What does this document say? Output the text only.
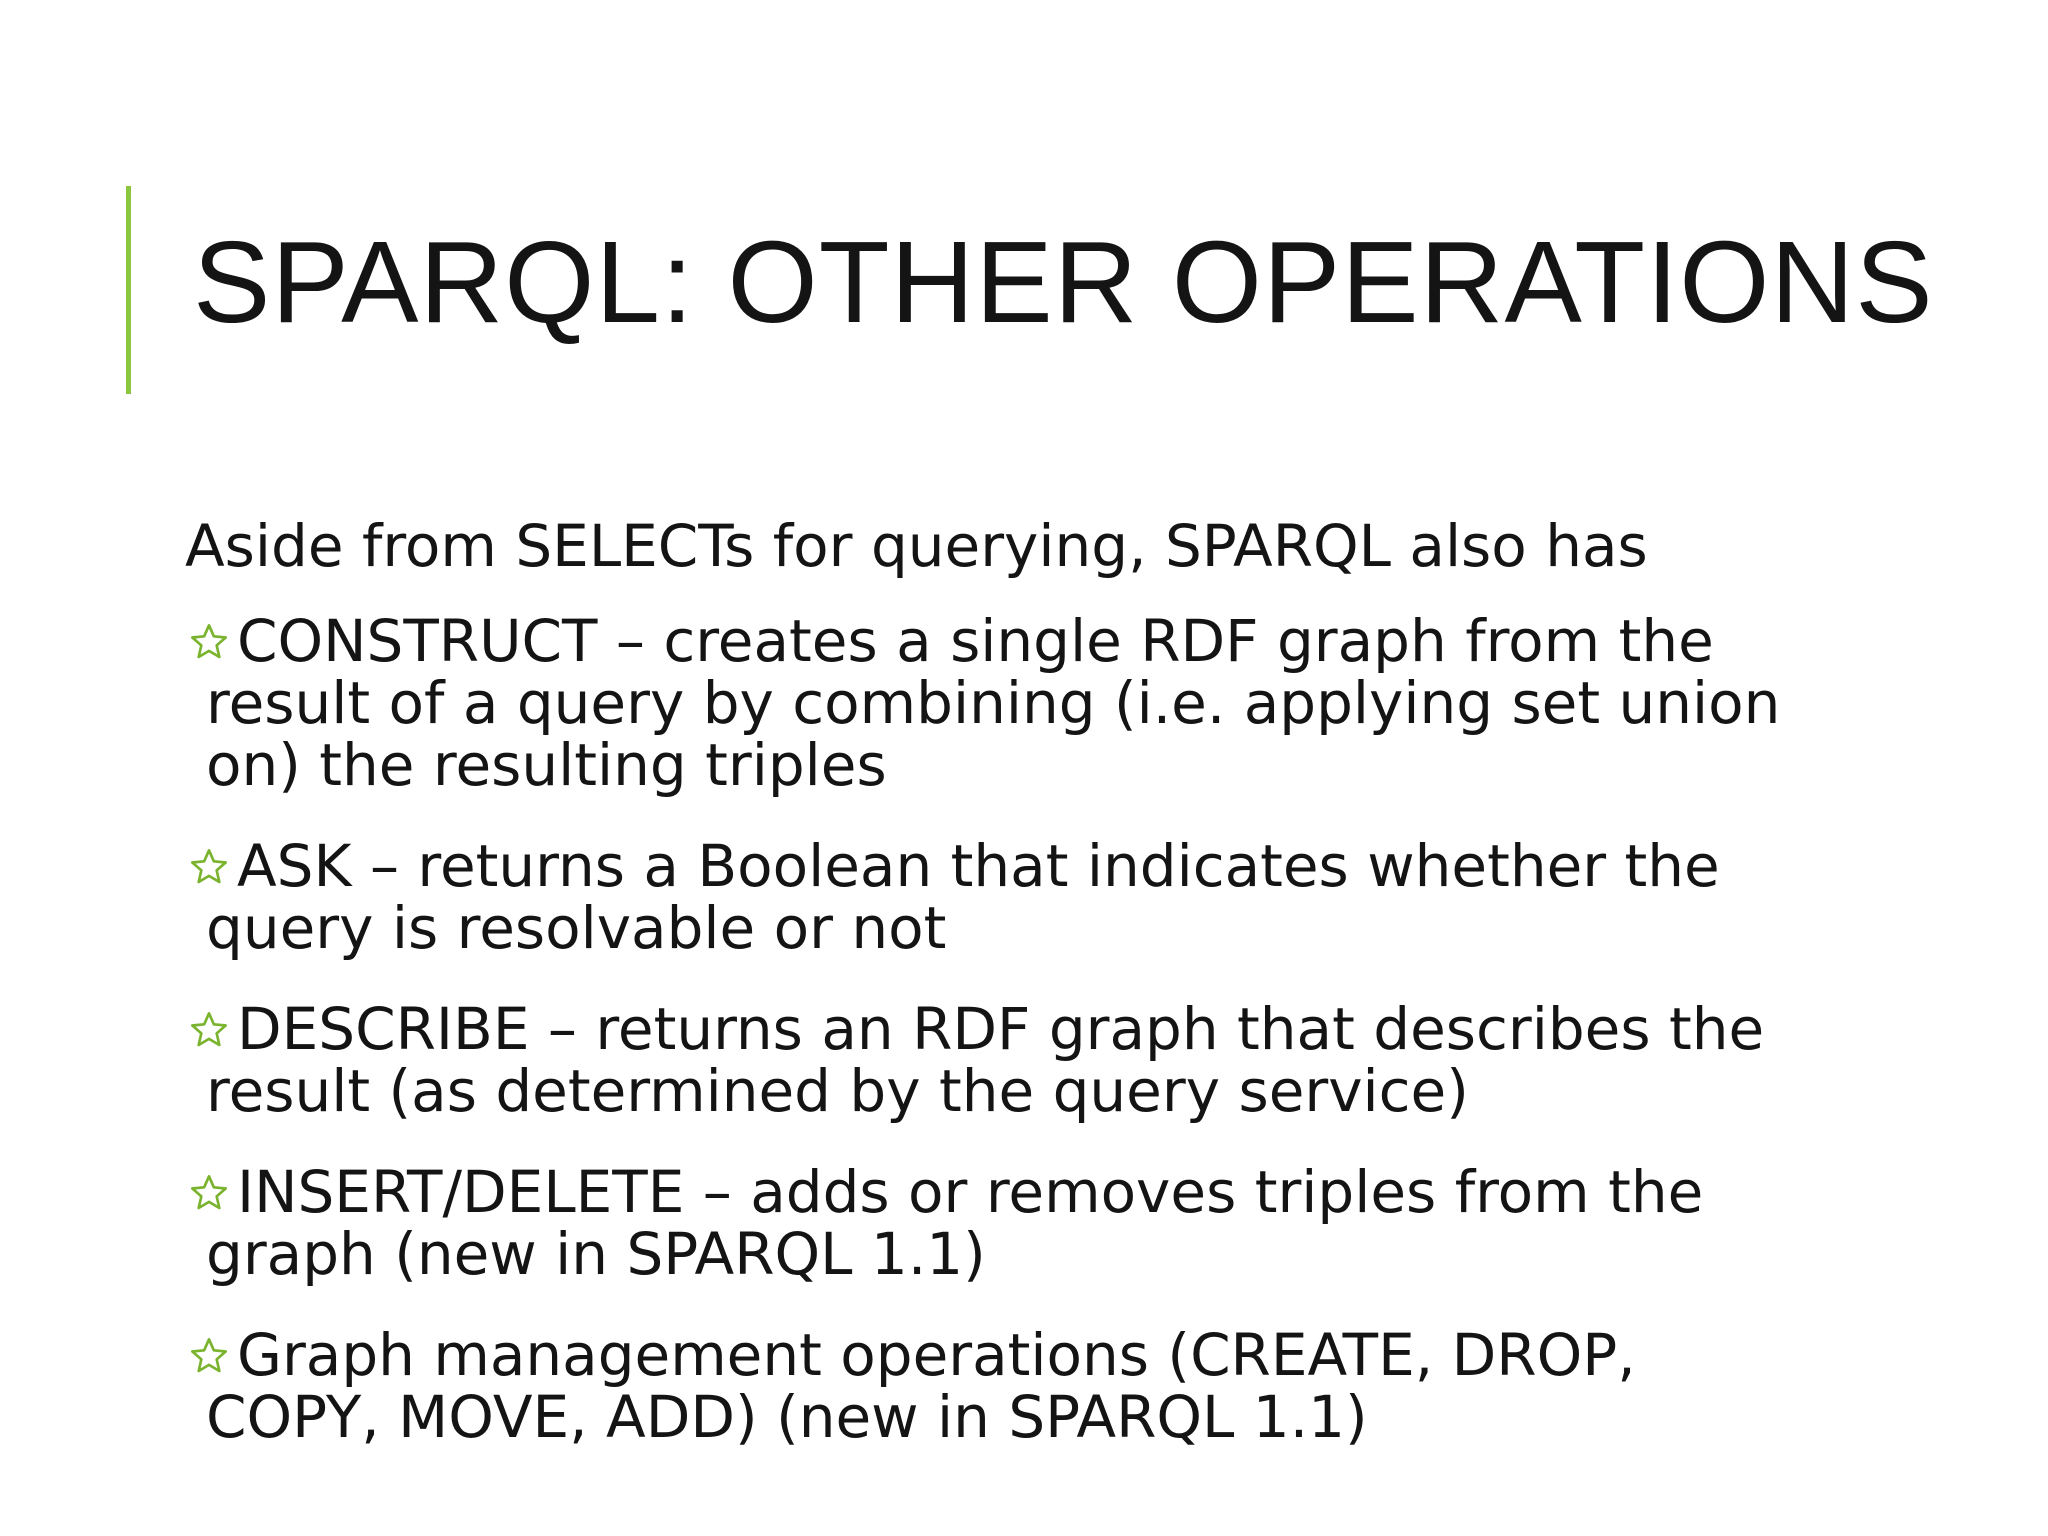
SPARQL: OTHER OPERATIONS

Aside from SELECTs for querying, SPARQL also has

CONSTRUCT – creates a single RDF graph from the result of a query by combining (i.e. applying set union on) the resulting triples
ASK – returns a Boolean that indicates whether the query is resolvable or not
DESCRIBE – returns an RDF graph that describes the result (as determined by the query service)
INSERT/DELETE – adds or removes triples from the graph (new in SPARQL 1.1)
Graph management operations (CREATE, DROP, COPY, MOVE, ADD) (new in SPARQL 1.1)
